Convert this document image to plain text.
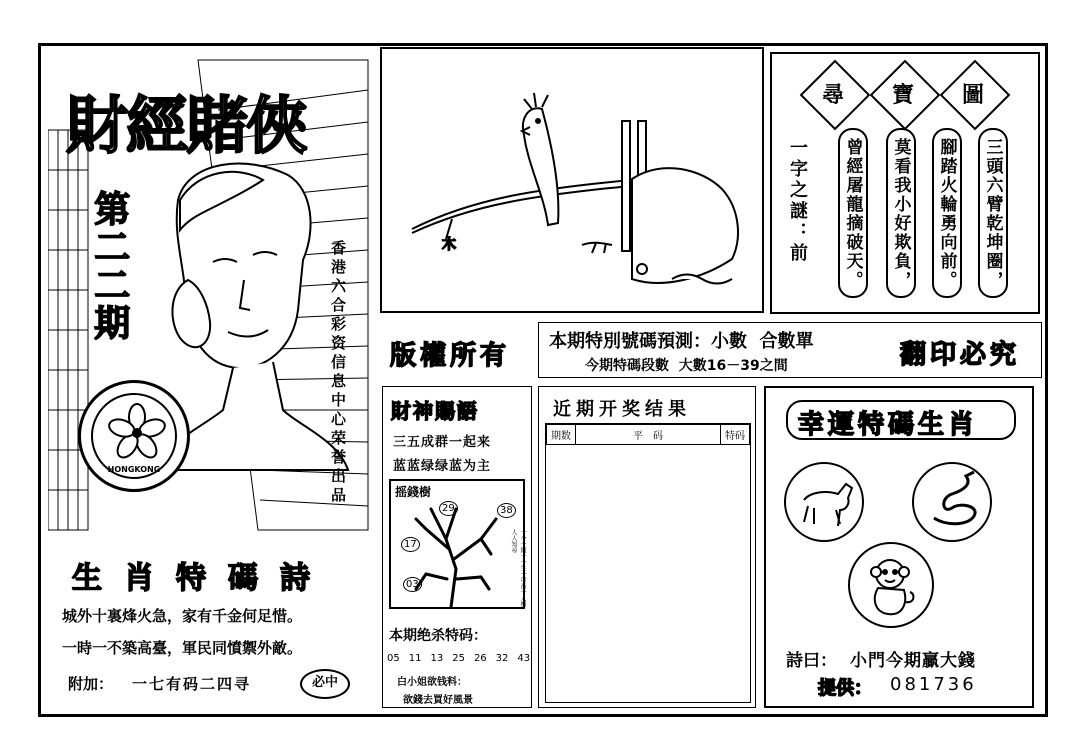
財經賭俠
第二二期	香港六合彩资信息中心荣誉出品
HONGKONG
生肖特碼詩
城外十裏烽火急，家有千金何足惜。
一時一不築高臺，軍民同憤禦外敵。
附加： 一七有码二四寻	必中
木
尋	寶	圖
一字之謎：前 曾經屠龍摘破天。 莫看我小好欺負， 腳踏火輪勇向前。 三頭六臂乾坤圈，
版權所有 本期特別號碼預測：小數  合數單
今期特碼段數  大數16－39之間	翻印必究
財神賜語
三五成群一起来
蓝蓝绿绿蓝为主
摇錢樹
29	38
17
03	一今一期一一生一可肖一人相人人知尋
本期绝杀特码：
05 11 13 25 26 32 43
白小姐欲钱料：
欲錢去買好風景
近期开奖结果
期数	平　码	特码 幸運特碼生肖
詩曰： 小門今期贏大錢
提供： 081736
